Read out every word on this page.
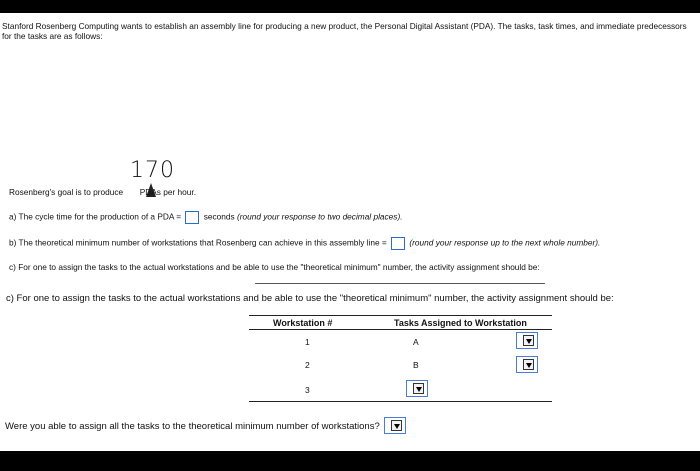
Stanford Rosenberg Computing wants to establish an assembly line for producing a new product, the Personal Digital Assistant (PDA). The tasks, task times, and immediate predecessors for the tasks are as follows:
170
Rosenberg's goal is to produce PDAs per hour.
a) The cycle time for the production of a PDA =	seconds (round your response to two decimal places).
b) The theoretical minimum number of workstations that Rosenberg can achieve in this assembly line =	(round your response up to the next whole number).
c) For one to assign the tasks to the actual workstations and be able to use the "theoretical minimum" number, the activity assignment should be:
c) For one to assign the tasks to the actual workstations and be able to use the "theoretical minimum" number, the activity assignment should be:
Workstation #	Tasks Assigned to Workstation
1	A
2	B
3
Were you able to assign all the tasks to the theoretical minimum number of workstations?
